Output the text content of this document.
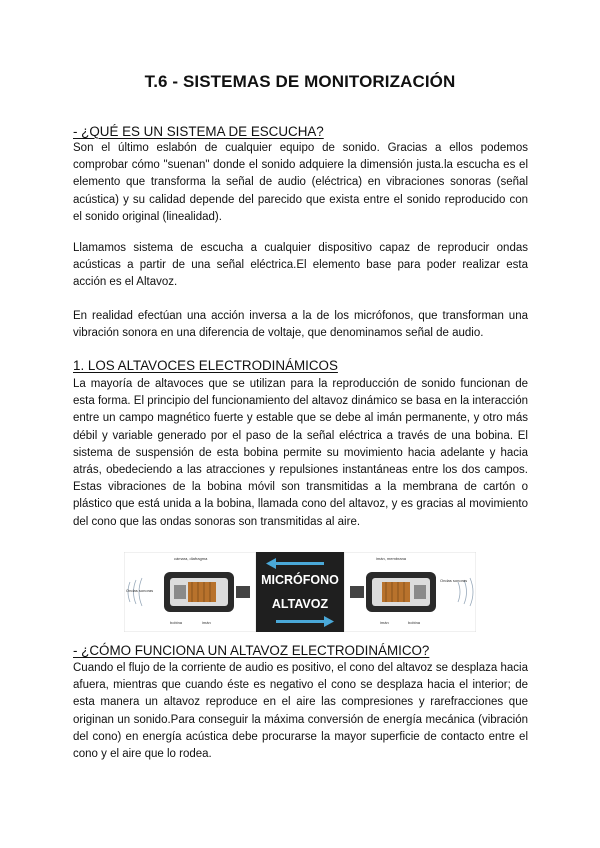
T.6 - SISTEMAS DE MONITORIZACIÓN
- ¿QUÉ ES UN SISTEMA DE ESCUCHA?

Son el último eslabón de cualquier equipo de sonido. Gracias a ellos podemos comprobar cómo "suenan" donde el sonido adquiere la dimensión justa.la escucha es el elemento que transforma la señal de audio (eléctrica) en vibraciones sonoras (señal acústica) y su calidad depende del parecido que exista entre el sonido reproducido con el sonido original (linealidad).

Llamamos sistema de escucha a cualquier dispositivo capaz de reproducir ondas acústicas a partir de una señal eléctrica.El elemento base para poder realizar esta acción es el Altavoz.

En realidad efectúan una acción inversa a la de los micrófonos, que transforman una vibración sonora en una diferencia de voltaje, que denominamos señal de audio.

1. LOS ALTAVOCES ELECTRODINÁMICOS

La mayoría de altavoces que se utilizan para la reproducción de sonido funcionan de esta forma. El principio del funcionamiento del altavoz dinámico se basa en la interacción entre un campo magnético fuerte y estable que se debe al imán permanente, y otro más débil y variable generado por el paso de la señal eléctrica a través de una bobina. El sistema de suspensión de esta bobina permite su movimiento hacia adelante y hacia atrás, obedeciendo a las atracciones y repulsiones instantáneas entre los dos campos. Estas vibraciones de la bobina móvil son transmitidas a la membrana de cartón o plástico que está unida a la bobina, llamada cono del altavoz, y es gracias al movimiento del cono que las ondas sonoras son transmitidas al aire.

MICRÓFONO
ALTAVOZ
Ondas sonoras
cámara, diafragma
bobina	imán
Ondas sonoras
imán, membrana
imán	bobina
- ¿CÓMO FUNCIONA UN ALTAVOZ ELECTRODINÁMICO?

Cuando el flujo de la corriente de audio es positivo, el cono del altavoz se desplaza hacia afuera, mientras que cuando éste es negativo el cono se desplaza hacia el interior; de esta manera un altavoz reproduce en el aire las compresiones y rarefracciones que originan un sonido.Para conseguir la máxima conversión de energía mecánica (vibración del cono) en energía acústica debe procurarse la mayor superficie de contacto entre el cono y el aire que lo rodea.
